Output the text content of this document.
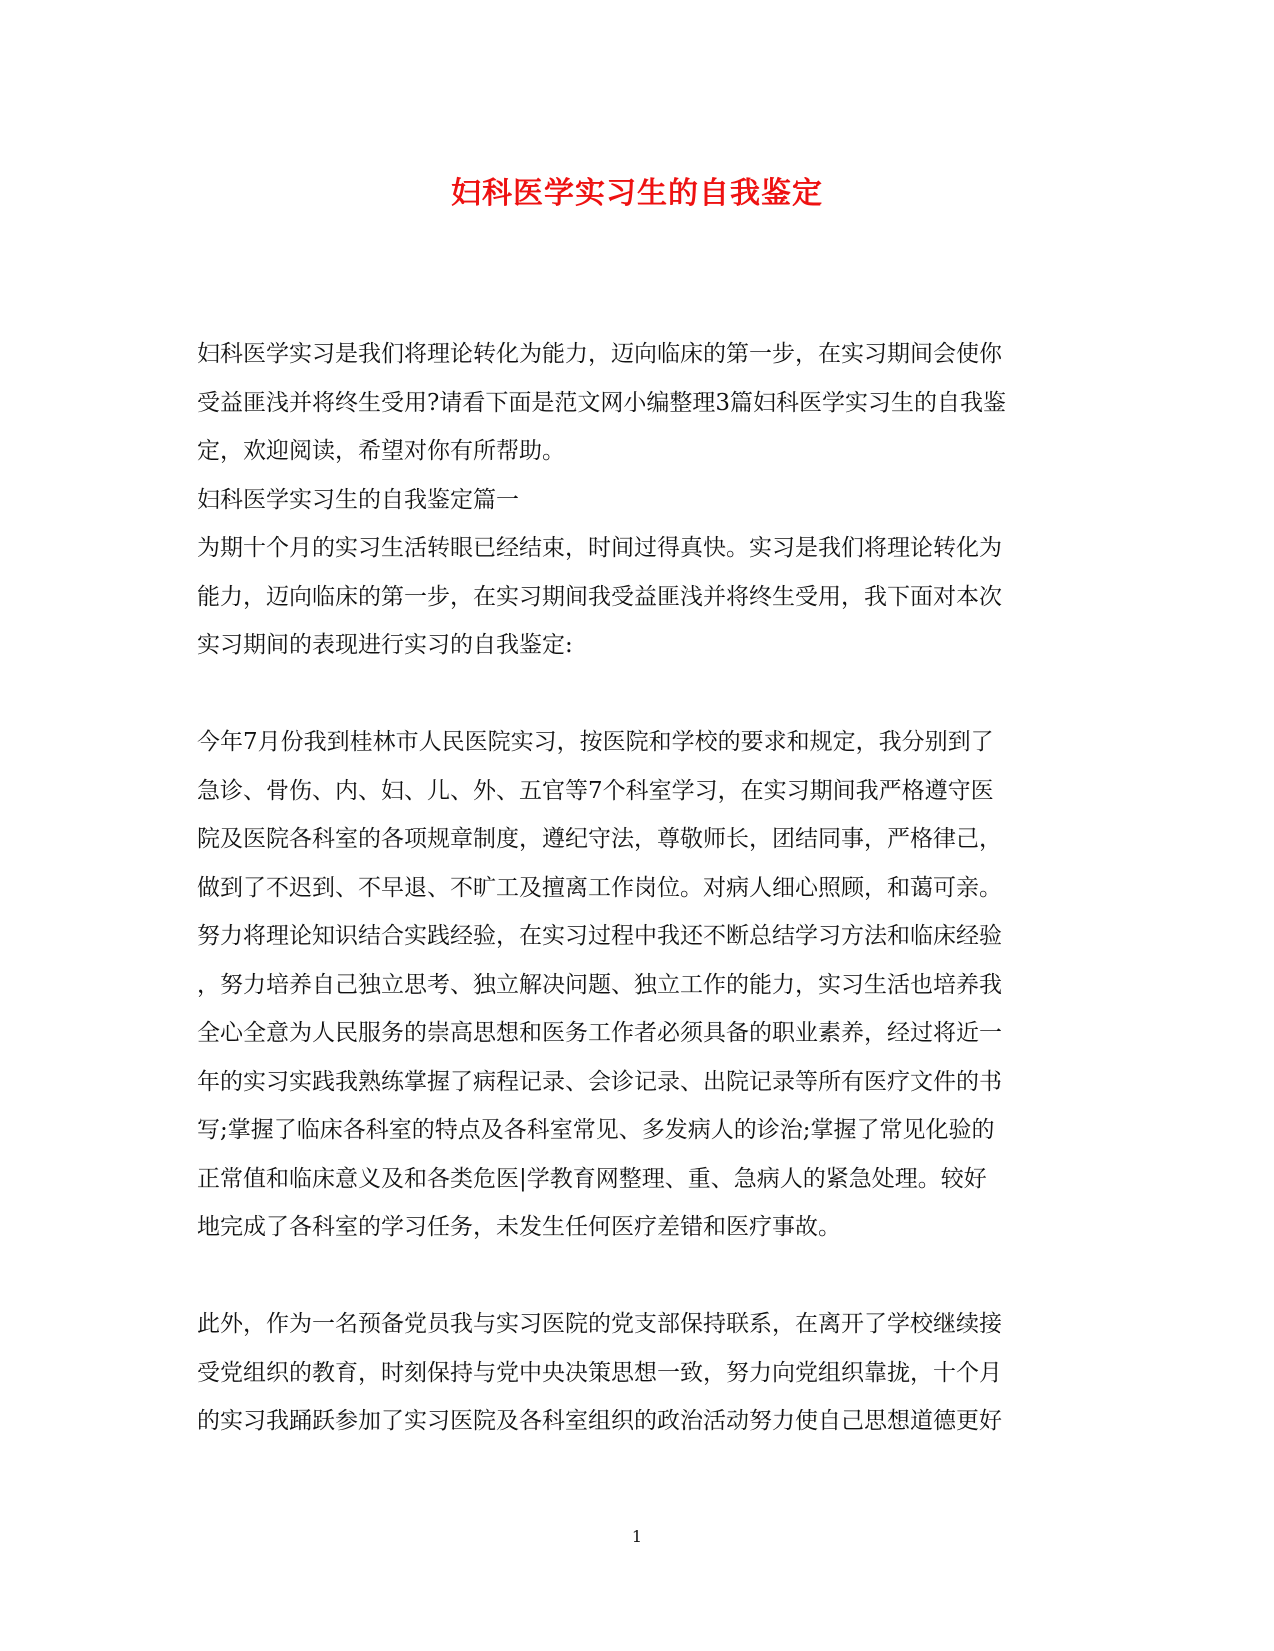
妇科医学实习生的自我鉴定
妇科医学实习是我们将理论转化为能力，迈向临床的第一步，在实习期间会使你
受益匪浅并将终生受用?请看下面是范文网小编整理3篇妇科医学实习生的自我鉴
定，欢迎阅读，希望对你有所帮助。
妇科医学实习生的自我鉴定篇一
为期十个月的实习生活转眼已经结束，时间过得真快。实习是我们将理论转化为
能力，迈向临床的第一步，在实习期间我受益匪浅并将终生受用，我下面对本次
实习期间的表现进行实习的自我鉴定:
今年7月份我到桂林市人民医院实习，按医院和学校的要求和规定，我分别到了
急诊、骨伤、内、妇、儿、外、五官等7个科室学习，在实习期间我严格遵守医
院及医院各科室的各项规章制度，遵纪守法，尊敬师长，团结同事，严格律己，
做到了不迟到、不早退、不旷工及擅离工作岗位。对病人细心照顾，和蔼可亲。
努力将理论知识结合实践经验，在实习过程中我还不断总结学习方法和临床经验
，努力培养自己独立思考、独立解决问题、独立工作的能力，实习生活也培养我
全心全意为人民服务的崇高思想和医务工作者必须具备的职业素养，经过将近一
年的实习实践我熟练掌握了病程记录、会诊记录、出院记录等所有医疗文件的书
写;掌握了临床各科室的特点及各科室常见、多发病人的诊治;掌握了常见化验的
正常值和临床意义及和各类危医|学教育网整理、重、急病人的紧急处理。较好
地完成了各科室的学习任务，未发生任何医疗差错和医疗事故。
此外，作为一名预备党员我与实习医院的党支部保持联系，在离开了学校继续接
受党组织的教育，时刻保持与党中央决策思想一致，努力向党组织靠拢，十个月
的实习我踊跃参加了实习医院及各科室组织的政治活动努力使自己思想道德更好
1
